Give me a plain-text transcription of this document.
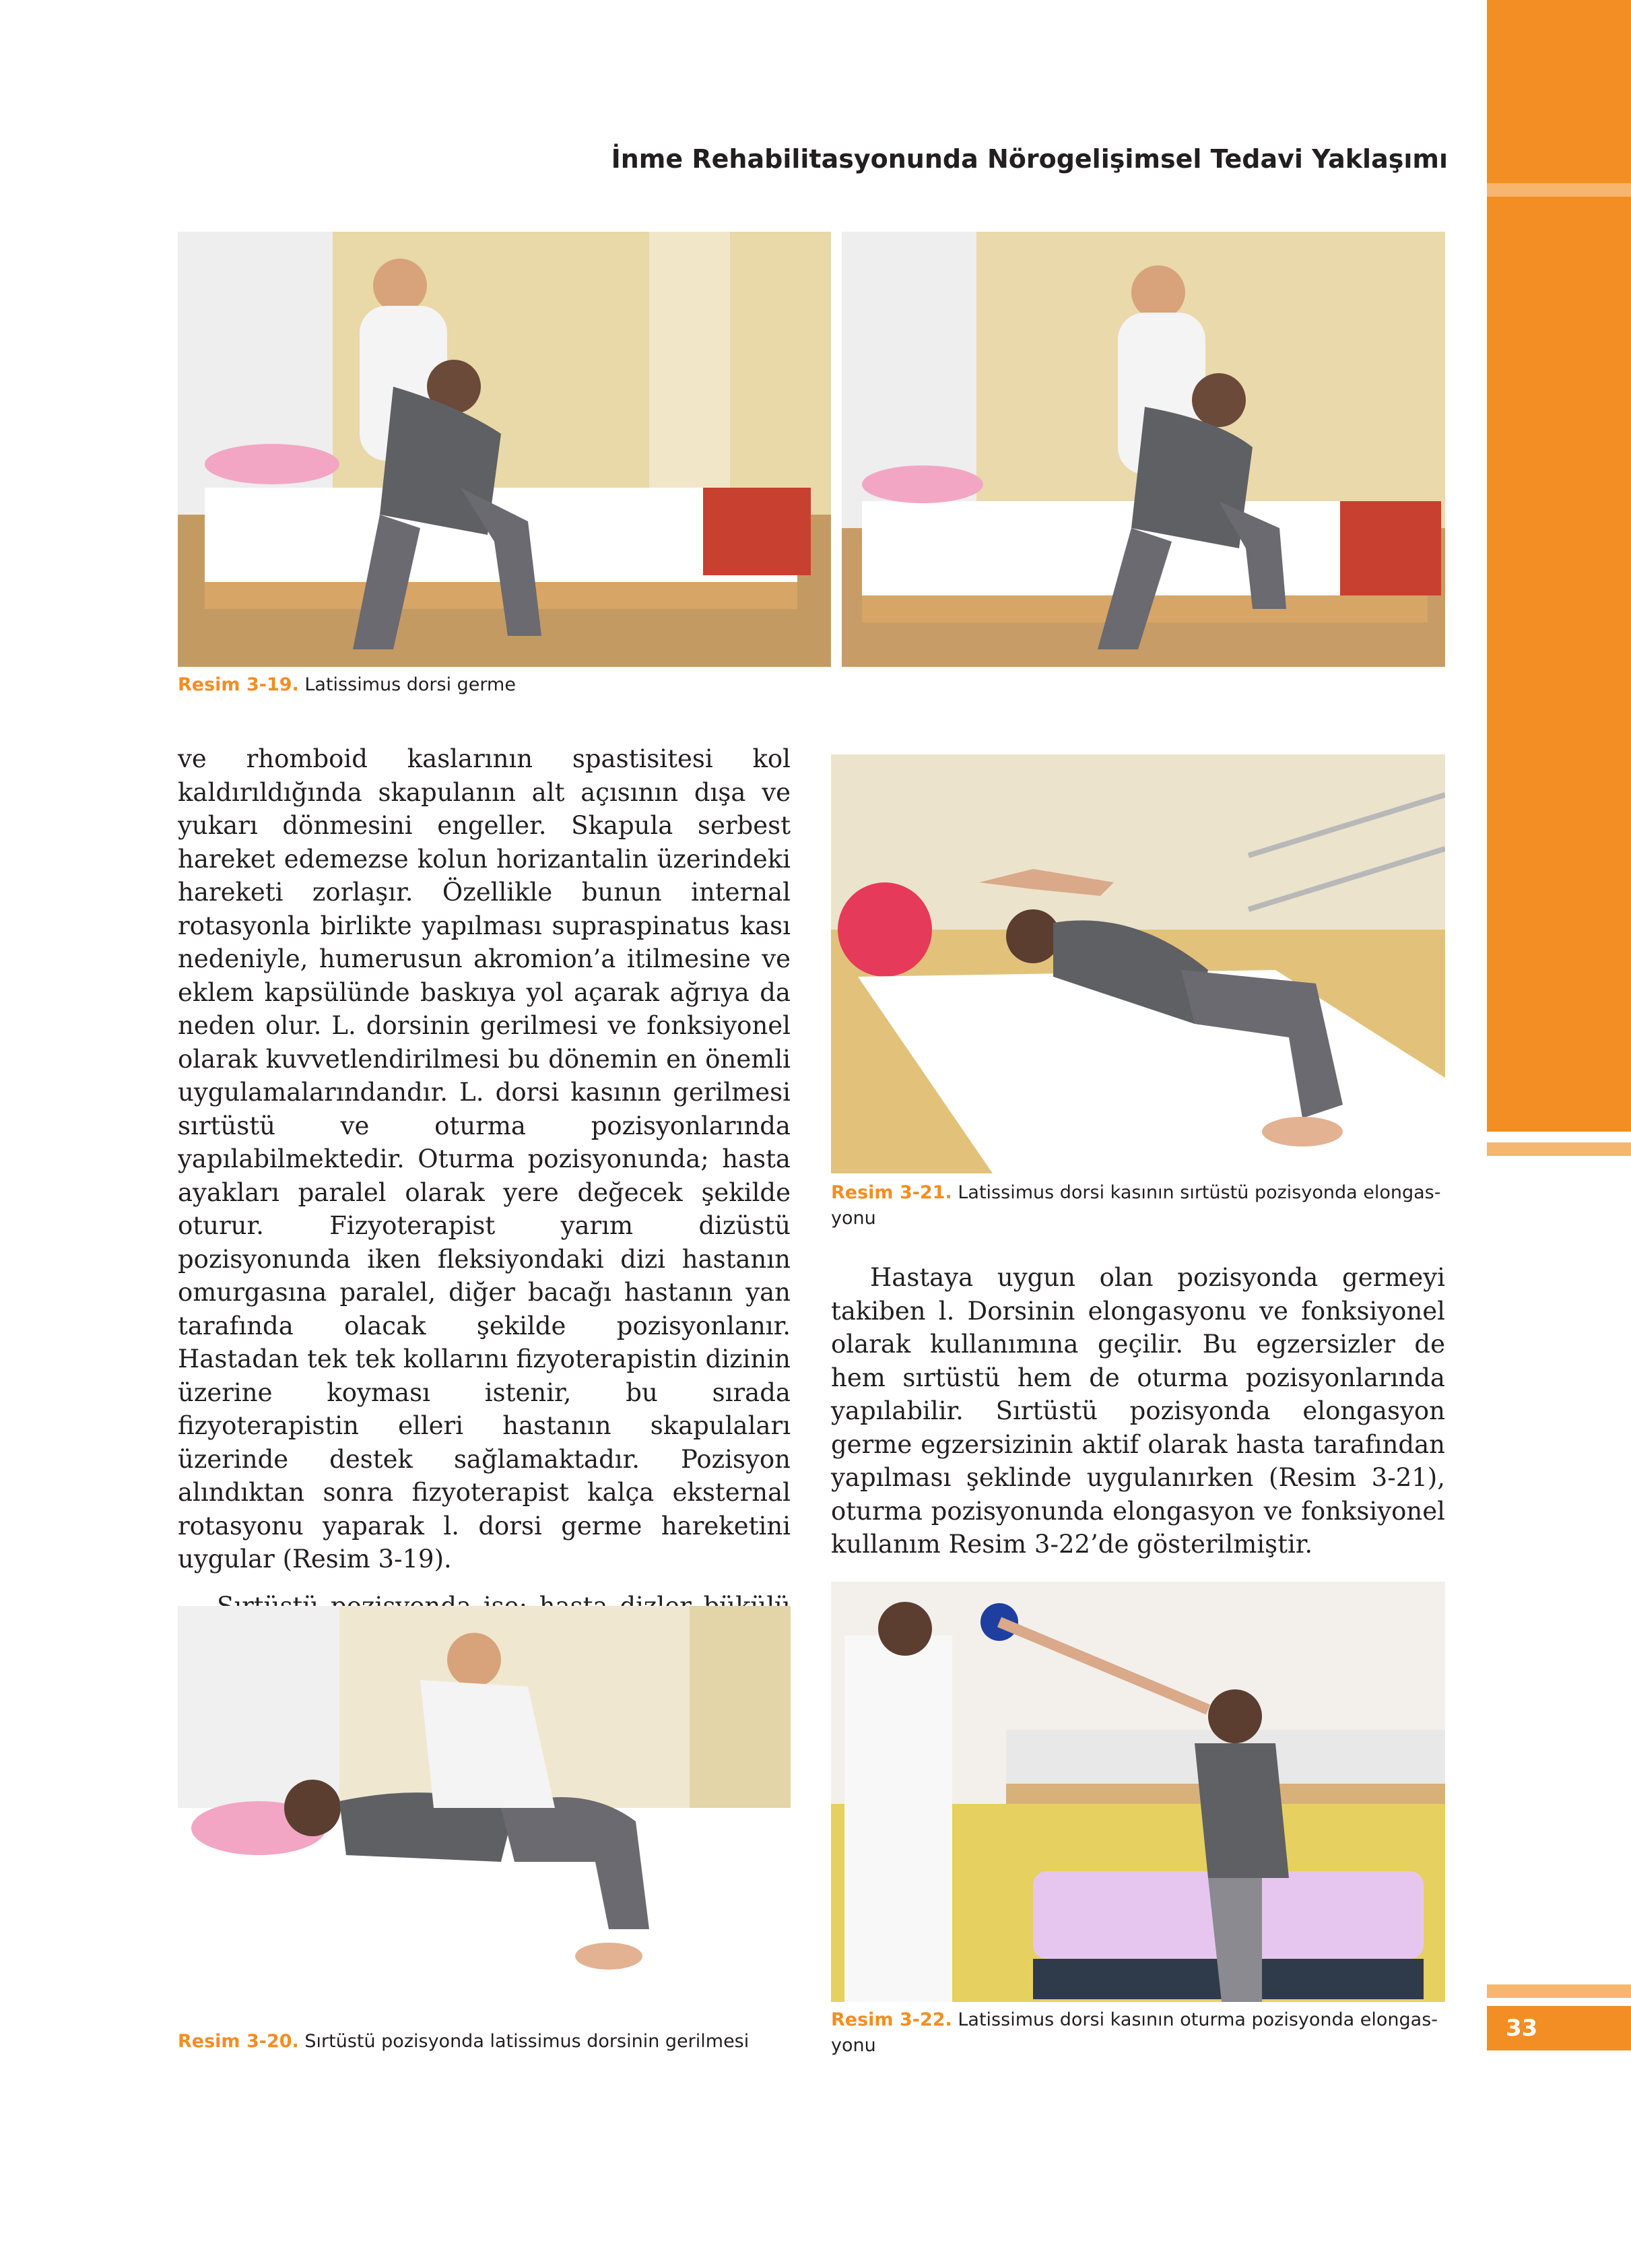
33
İnme Rehabilitasyonunda Nörogelişimsel Tedavi Yaklaşımı
Resim 3-19. Latissimus dorsi germe

ve rhomboid kaslarının spastisitesi kol kaldırıldığında skapulanın alt açısının dışa ve yukarı dönmesini engeller. Skapula serbest hareket edemezse kolun horizantalin üzerindeki hareketi zorlaşır. Özellikle bunun internal rotasyonla birlikte yapılması supraspinatus kası nedeniyle, humerusun akromion’a itilmesine ve eklem kapsülünde baskıya yol açarak ağrıya da neden olur. L. dorsinin gerilmesi ve fonksiyonel olarak kuvvetlendirilmesi bu dönemin en önemli uygulamalarındandır. L. dorsi kasının gerilmesi sırtüstü ve oturma pozisyonlarında yapılabilmektedir. Oturma pozisyonunda; hasta ayakları paralel olarak yere değecek şekilde oturur. Fizyoterapist yarım dizüstü pozisyonunda iken fleksiyondaki dizi hastanın omurgasına paralel, diğer bacağı hastanın yan tarafında olacak şekilde pozisyonlanır. Hastadan tek tek kollarını fizyoterapistin dizinin üzerine koyması istenir, bu sırada fizyoterapistin elleri hastanın skapulaları üzerinde destek sağlamaktadır. Pozisyon alındıktan sonra fizyoterapist kalça eksternal rotasyonu yaparak l. dorsi germe hareketini uygular (Resim 3-19).

Resim 3-21. Latissimus dorsi kasının sırtüstü pozisyonda elongas-yonu

Hastaya uygun olan pozisyonda germeyi takiben l. Dorsinin elongasyonu ve fonksiyonel olarak kullanımına geçilir. Bu egzersizler de hem sırtüstü hem de oturma pozisyonlarında yapılabilir. Sırtüstü pozisyonda elongasyon germe egzersizinin aktif olarak hasta tarafından yapılması şeklinde uygulanırken (Resim 3-21), oturma pozisyonunda elongasyon ve fonksiyonel kullanım Resim 3-22’de gösterilmiştir.

Resim 3-20. Sırtüstü pozisyonda latissimus dorsinin gerilmesi
Resim 3-22. Latissimus dorsi kasının oturma pozisyonda elongas-yonu
